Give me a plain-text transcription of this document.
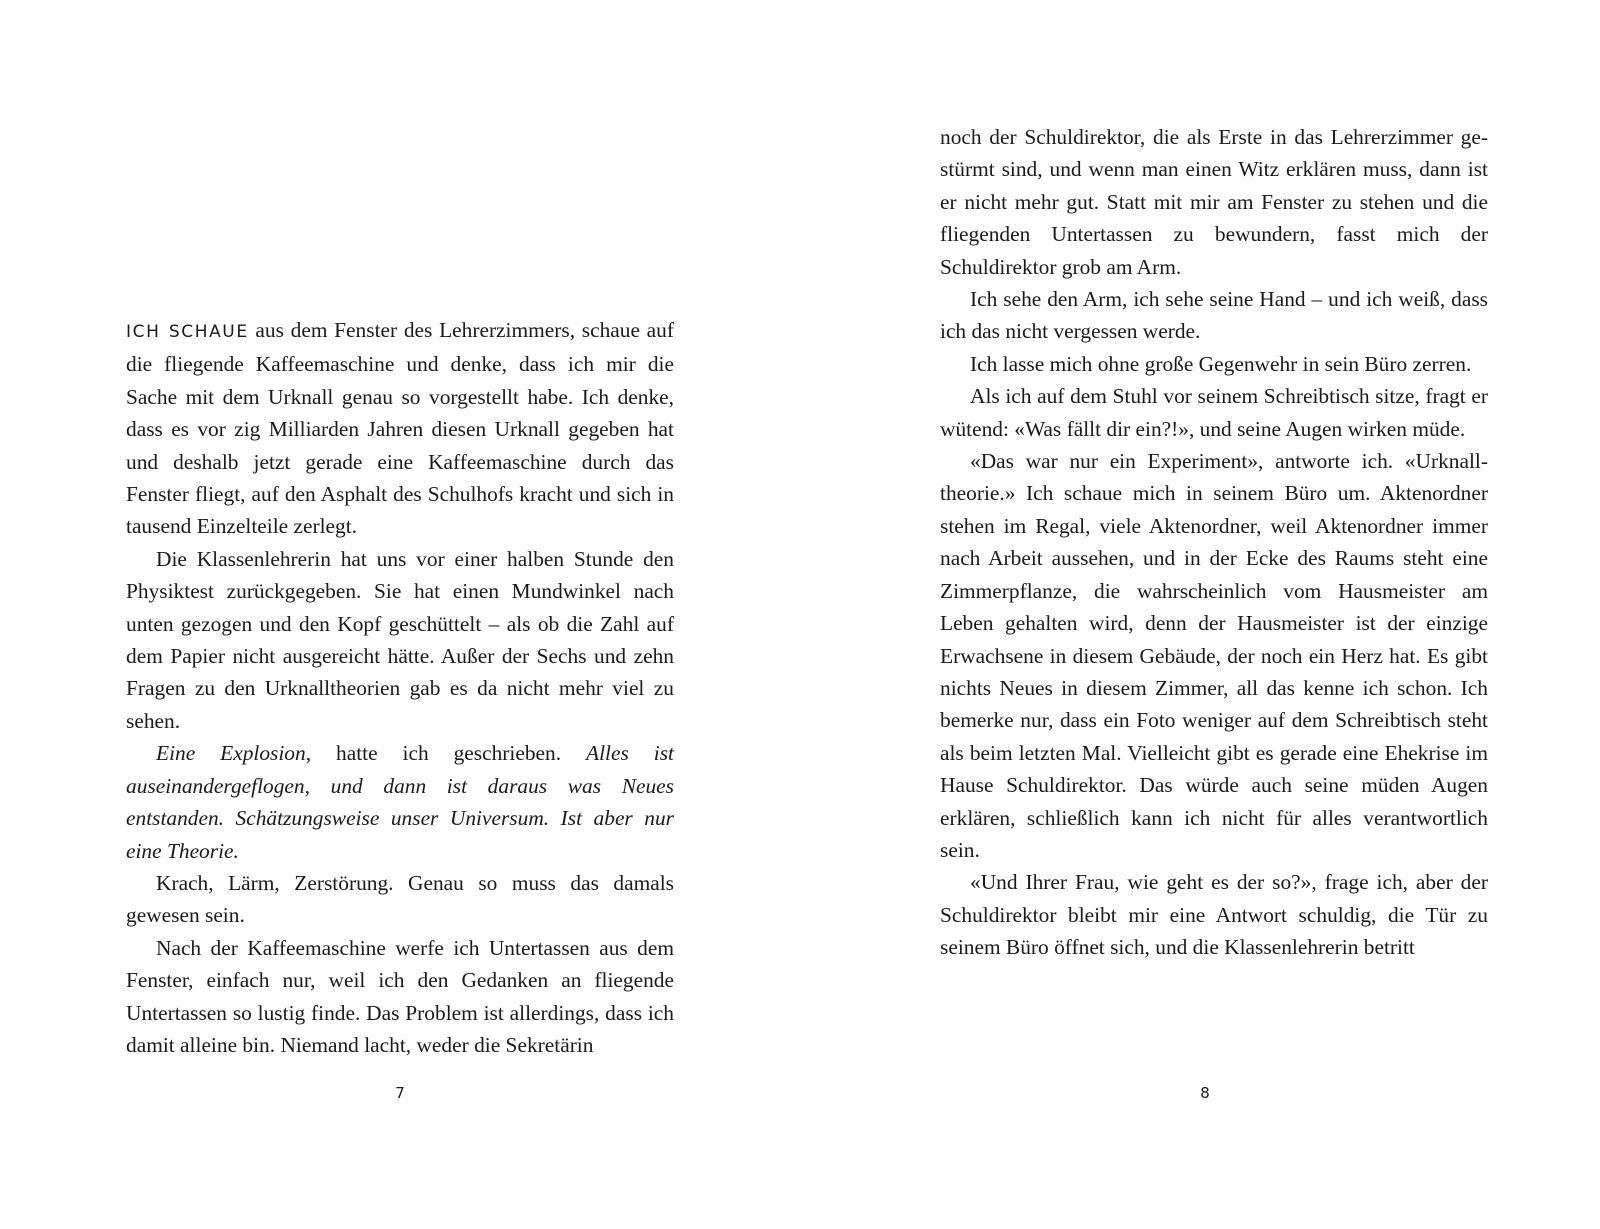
ICH SCHAUE aus dem Fenster des Lehrerzimmers, schaue auf die fliegende Kaffeemaschine und denke, dass ich mir die Sache mit dem Urknall genau so vorgestellt habe. Ich denke, dass es vor zig Milliarden Jahren diesen Urknall gegeben hat und deshalb jetzt gerade eine Kaffeemaschine durch das Fenster fliegt, auf den Asphalt des Schulhofs kracht und sich in tausend Einzelteile zerlegt.

Die Klassenlehrerin hat uns vor einer halben Stunde den Physiktest zurückgegeben. Sie hat einen Mundwinkel nach unten gezogen und den Kopf geschüttelt – als ob die Zahl auf dem Papier nicht ausgereicht hätte. Außer der Sechs und zehn Fragen zu den Urknalltheorien gab es da nicht mehr viel zu sehen.

Eine Explosion, hatte ich geschrieben. Alles ist auseinandergeflogen, und dann ist daraus was Neues entstanden. Schätzungsweise unser Universum. Ist aber nur eine Theorie.

Krach, Lärm, Zerstörung. Genau so muss das damals gewesen sein.

Nach der Kaffeemaschine werfe ich Untertassen aus dem Fenster, einfach nur, weil ich den Gedanken an fliegende Untertassen so lustig finde. Das Problem ist allerdings, dass ich damit alleine bin. Niemand lacht, weder die Sekretärin

7

noch der Schuldirektor, die als Erste in das Lehrerzimmer gestürmt sind, und wenn man einen Witz erklären muss, dann ist er nicht mehr gut. Statt mit mir am Fenster zu stehen und die fliegenden Untertassen zu bewundern, fasst mich der Schuldirektor grob am Arm.

Ich sehe den Arm, ich sehe seine Hand – und ich weiß, dass ich das nicht vergessen werde.

Ich lasse mich ohne große Gegenwehr in sein Büro zerren.

Als ich auf dem Stuhl vor seinem Schreibtisch sitze, fragt er wütend: «Was fällt dir ein?!», und seine Augen wirken müde.

«Das war nur ein Experiment», antworte ich. «Urknalltheorie.» Ich schaue mich in seinem Büro um. Aktenordner stehen im Regal, viele Aktenordner, weil Aktenordner immer nach Arbeit aussehen, und in der Ecke des Raums steht eine Zimmerpflanze, die wahrscheinlich vom Hausmeister am Leben gehalten wird, denn der Hausmeister ist der einzige Erwachsene in diesem Gebäude, der noch ein Herz hat. Es gibt nichts Neues in diesem Zimmer, all das kenne ich schon. Ich bemerke nur, dass ein Foto weniger auf dem Schreibtisch steht als beim letzten Mal. Vielleicht gibt es gerade eine Ehekrise im Hause Schuldirektor. Das würde auch seine müden Augen erklären, schließlich kann ich nicht für alles verantwortlich sein.

«Und Ihrer Frau, wie geht es der so?», frage ich, aber der Schuldirektor bleibt mir eine Antwort schuldig, die Tür zu seinem Büro öffnet sich, und die Klassenlehrerin betritt

8
